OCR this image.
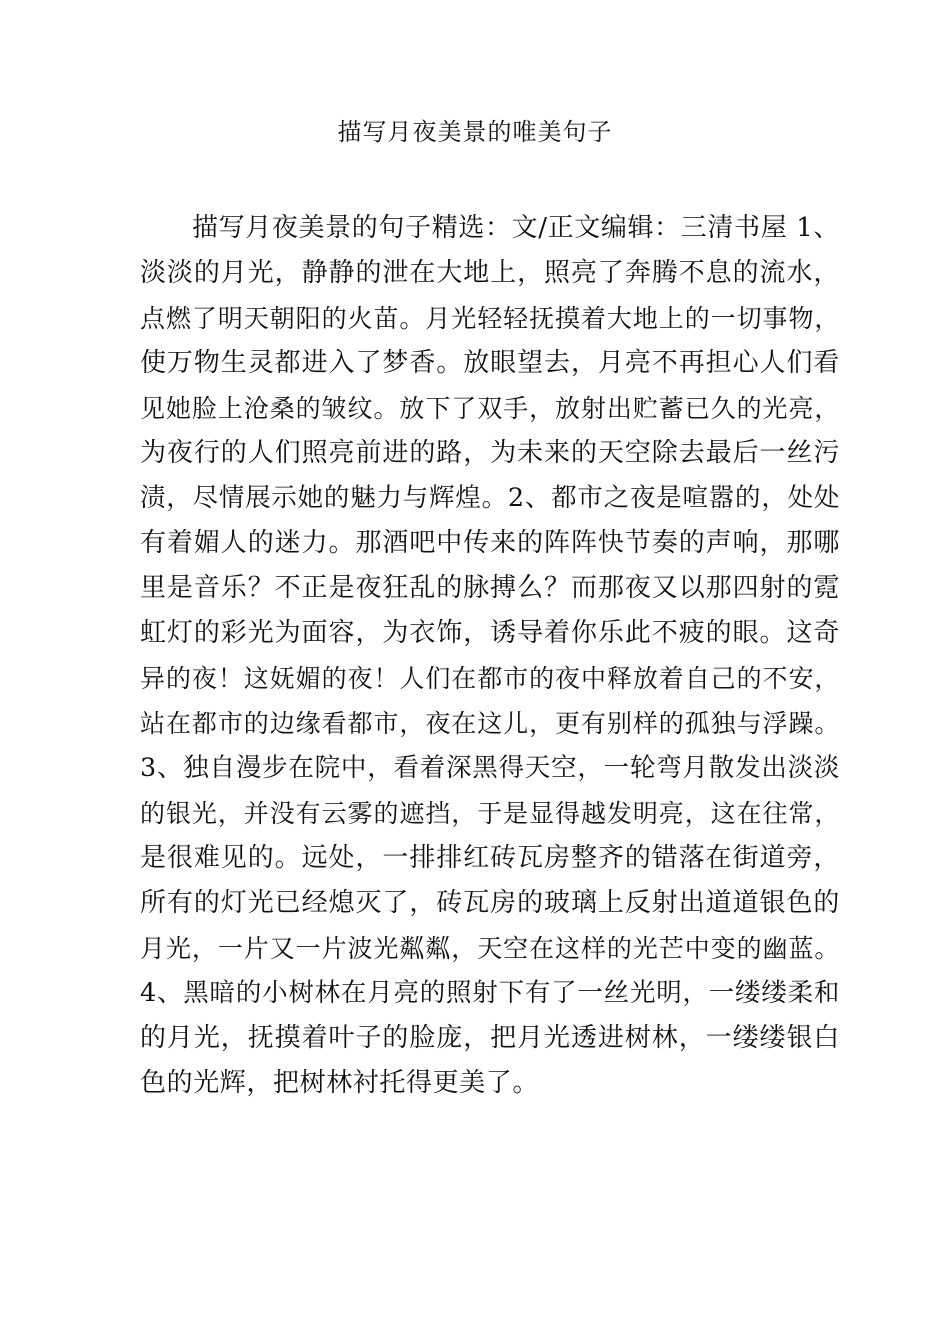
描写月夜美景的唯美句子
描写月夜美景的句子精选：文/正文编辑：三清书屋 1、
淡淡的月光，静静的泄在大地上，照亮了奔腾不息的流水，
点燃了明天朝阳的火苗。月光轻轻抚摸着大地上的一切事物，
使万物生灵都进入了梦香。放眼望去，月亮不再担心人们看
见她脸上沧桑的皱纹。放下了双手，放射出贮蓄已久的光亮，
为夜行的人们照亮前进的路，为未来的天空除去最后一丝污
渍，尽情展示她的魅力与辉煌。2、都市之夜是喧嚣的，处处
有着媚人的迷力。那酒吧中传来的阵阵快节奏的声响，那哪
里是音乐？不正是夜狂乱的脉搏么？而那夜又以那四射的霓
虹灯的彩光为面容，为衣饰，诱导着你乐此不疲的眼。这奇
异的夜！这妩媚的夜！人们在都市的夜中释放着自己的不安，
站在都市的边缘看都市，夜在这儿，更有别样的孤独与浮躁。
3、独自漫步在院中，看着深黑得天空，一轮弯月散发出淡淡
的银光，并没有云雾的遮挡，于是显得越发明亮，这在往常，
是很难见的。远处，一排排红砖瓦房整齐的错落在街道旁，
所有的灯光已经熄灭了，砖瓦房的玻璃上反射出道道银色的
月光，一片又一片波光粼粼，天空在这样的光芒中变的幽蓝。
4、黑暗的小树林在月亮的照射下有了一丝光明，一缕缕柔和
的月光，抚摸着叶子的脸庞，把月光透进树林，一缕缕银白
色的光辉，把树林衬托得更美了。
